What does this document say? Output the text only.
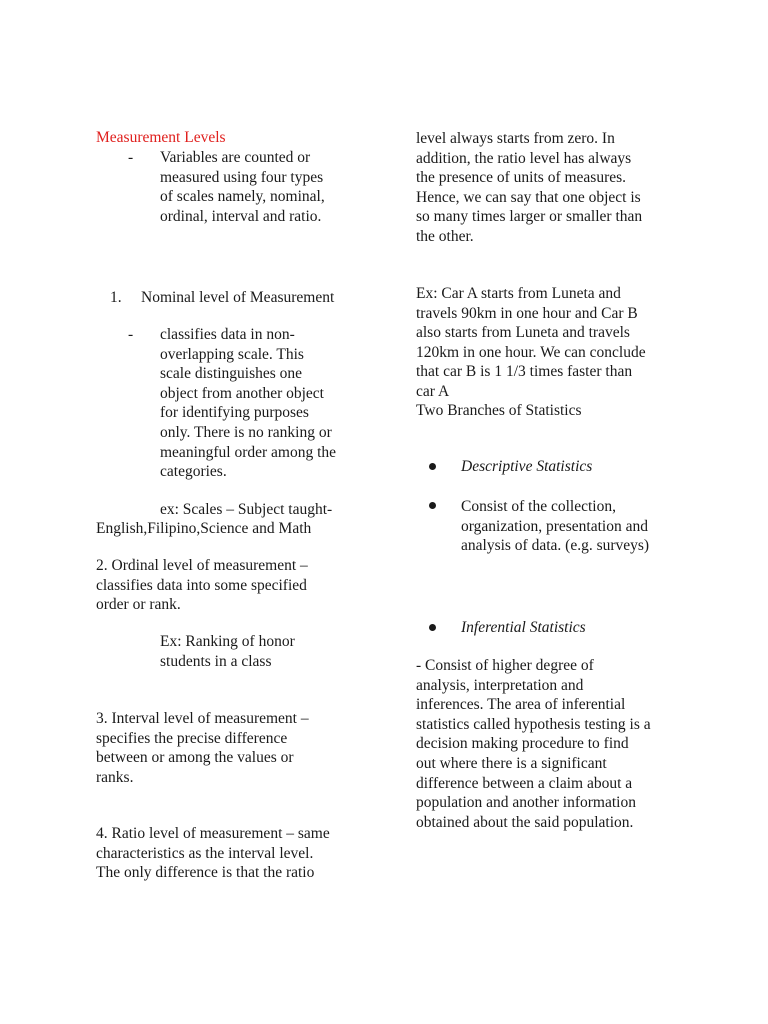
Measurement Levels

- Variables are counted or
measured using four types
of scales namely, nominal,
ordinal, interval and ratio.

1. Nominal level of Measurement

- classifies data in non-
overlapping scale. This
scale distinguishes one
object from another object
for identifying purposes
only. There is no ranking or
meaningful order among the
categories.

ex: Scales – Subject taught-

English,Filipino,Science and Math

2. Ordinal level of measurement –
classifies data into some specified
order or rank.

Ex: Ranking of honor
students in a class

3. Interval level of measurement –
specifies the precise difference
between or among the values or
ranks.

4. Ratio level of measurement – same
characteristics as the interval level.
The only difference is that the ratio

level always starts from zero. In
addition, the ratio level has always
the presence of units of measures.
Hence, we can say that one object is
so many times larger or smaller than
the other.

Ex: Car A starts from Luneta and
travels 90km in one hour and Car B
also starts from Luneta and travels
120km in one hour. We can conclude
that car B is 1 1/3 times faster than
car A

Two Branches of Statistics

Descriptive Statistics

Consist of the collection,
organization, presentation and
analysis of data. (e.g. surveys)

Inferential Statistics

- Consist of higher degree of
analysis, interpretation and
inferences. The area of inferential
statistics called hypothesis testing is a
decision making procedure to find
out where there is a significant
difference between a claim about a
population and another information
obtained about the said population.
